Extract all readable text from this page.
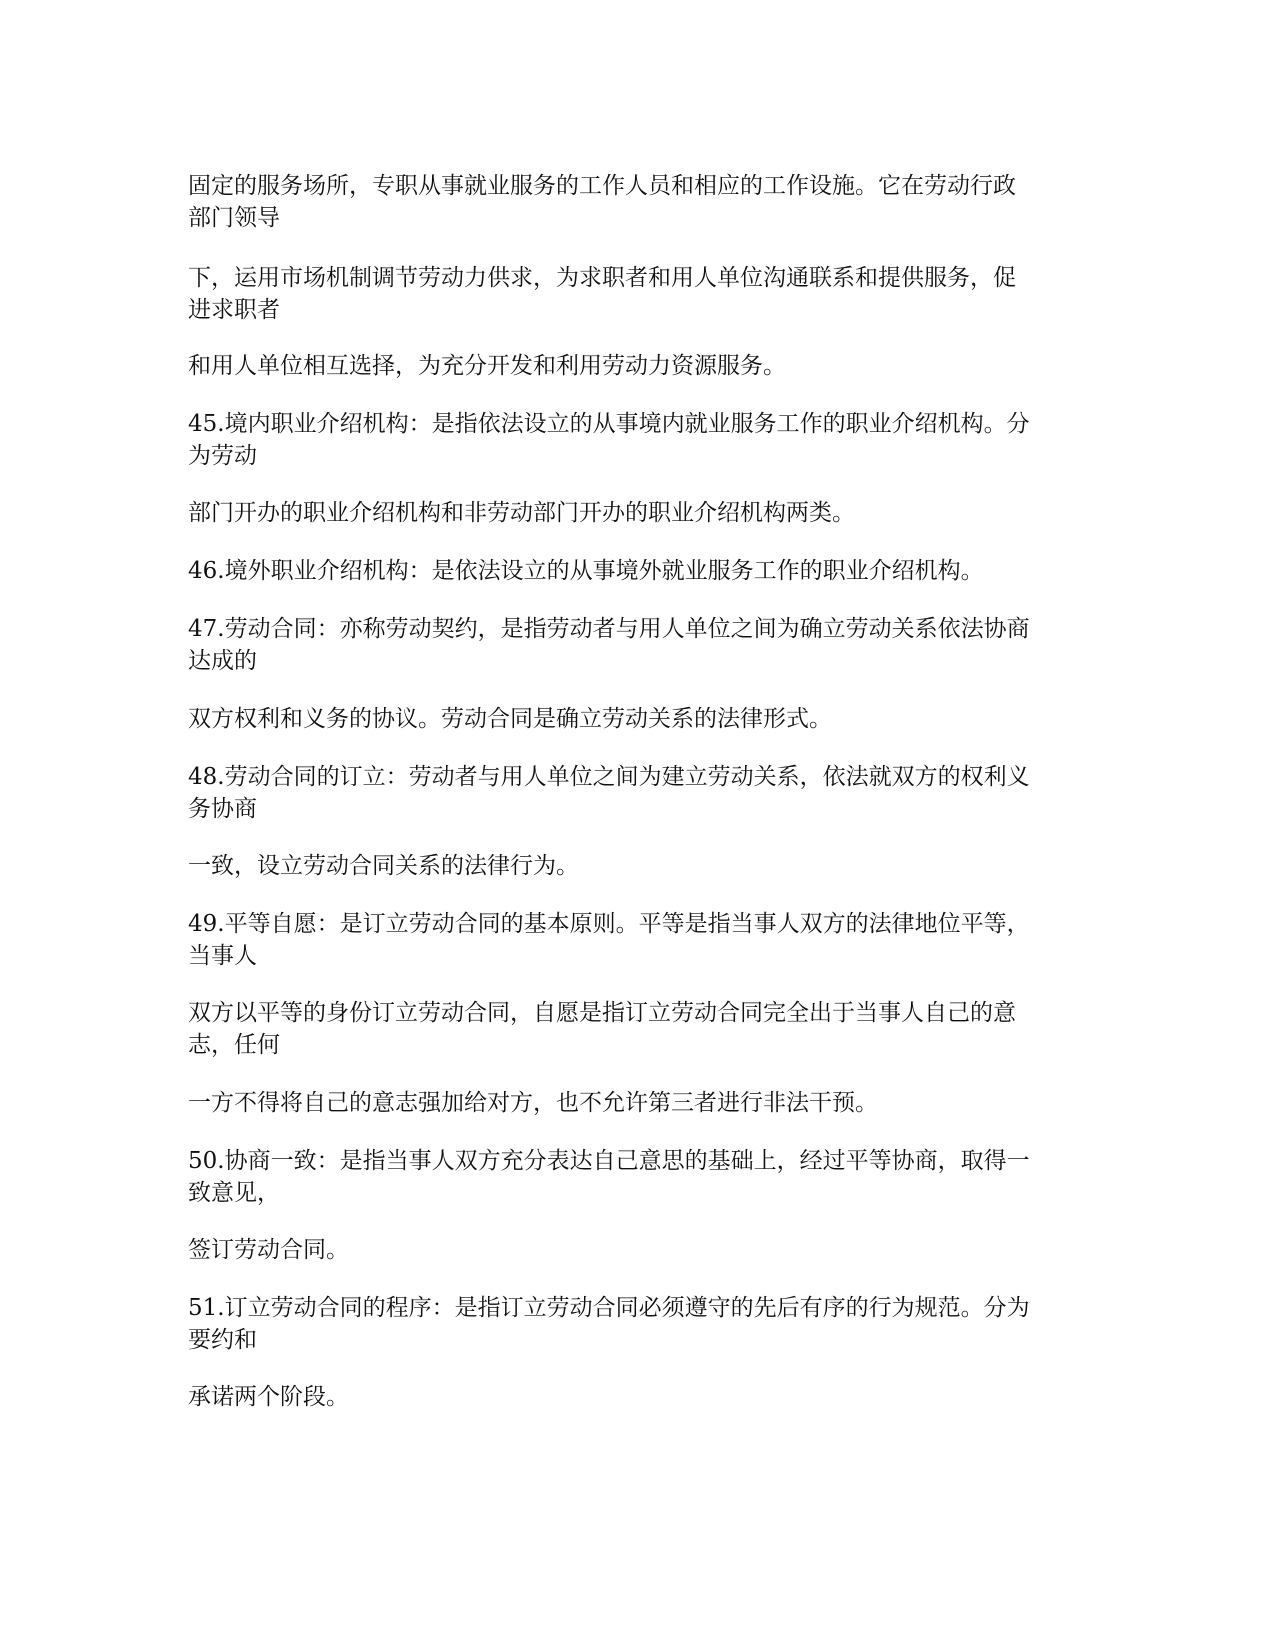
固定的服务场所，专职从事就业服务的工作人员和相应的工作设施。它在劳动行政
部门领导

下，运用市场机制调节劳动力供求，为求职者和用人单位沟通联系和提供服务，促
进求职者

和用人单位相互选择，为充分开发和利用劳动力资源服务。

45.境内职业介绍机构：是指依法设立的从事境内就业服务工作的职业介绍机构。分
为劳动

部门开办的职业介绍机构和非劳动部门开办的职业介绍机构两类。

46.境外职业介绍机构：是依法设立的从事境外就业服务工作的职业介绍机构。

47.劳动合同：亦称劳动契约，是指劳动者与用人单位之间为确立劳动关系依法协商
达成的

双方权利和义务的协议。劳动合同是确立劳动关系的法律形式。

48.劳动合同的订立：劳动者与用人单位之间为建立劳动关系，依法就双方的权利义
务协商

一致，设立劳动合同关系的法律行为。

49.平等自愿：是订立劳动合同的基本原则。平等是指当事人双方的法律地位平等，
当事人

双方以平等的身份订立劳动合同，自愿是指订立劳动合同完全出于当事人自己的意
志，任何

一方不得将自己的意志强加给对方，也不允许第三者进行非法干预。

50.协商一致：是指当事人双方充分表达自己意思的基础上，经过平等协商，取得一
致意见，

签订劳动合同。

51.订立劳动合同的程序：是指订立劳动合同必须遵守的先后有序的行为规范。分为
要约和

承诺两个阶段。
